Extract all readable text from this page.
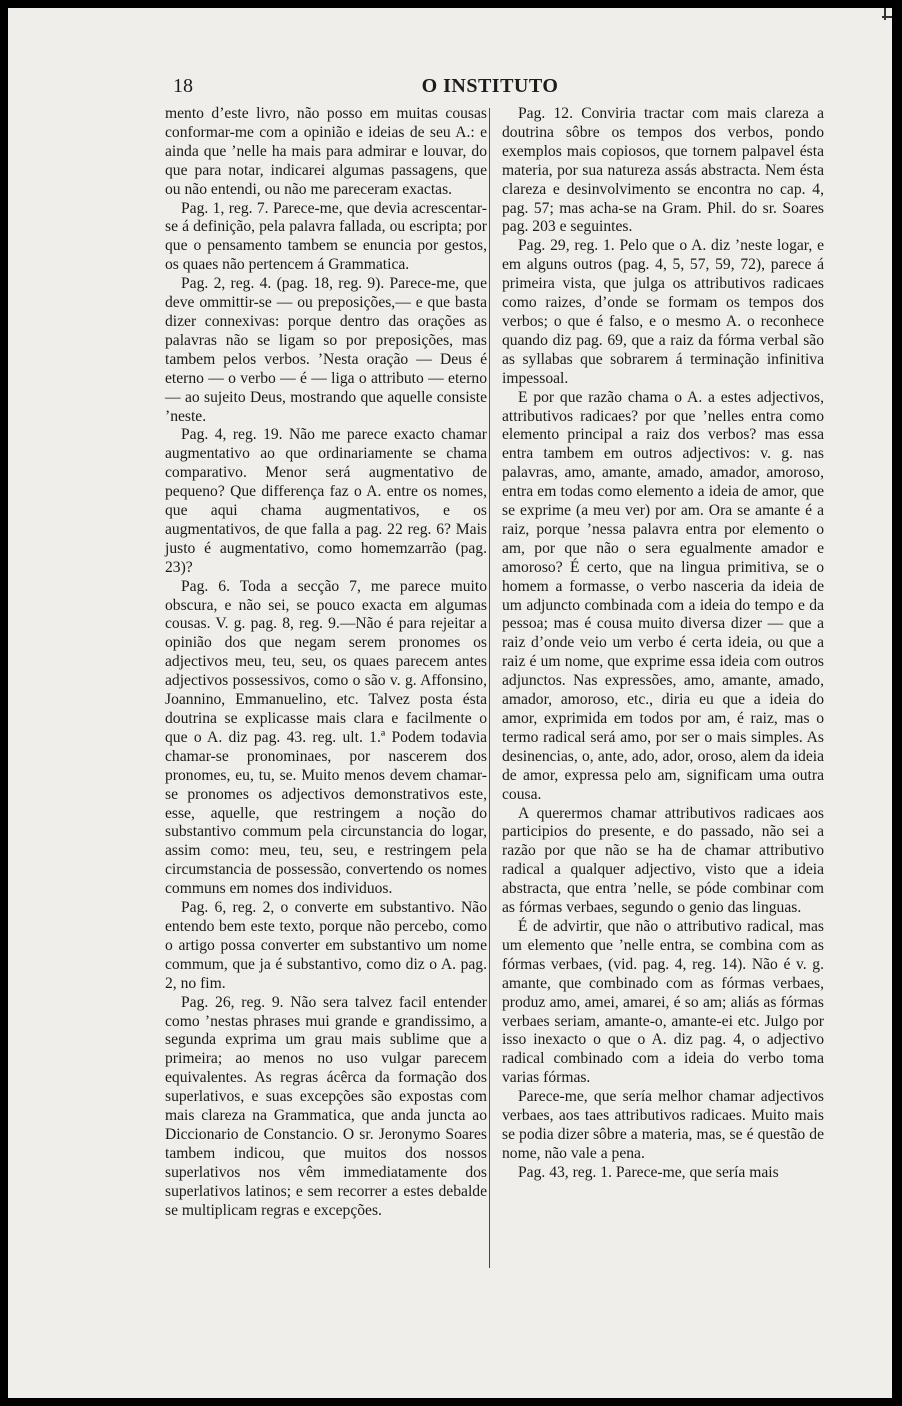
18	O INSTITUTO

mento d’este livro, não posso em muitas cousas conformar-me com a opinião e ideias de seu A.: e ainda que ’nelle ha mais para admirar e louvar, do que para notar, indicarei algumas passagens, que ou não entendi, ou não me pareceram exactas.

Pag. 1, reg. 7. Parece-me, que devia acrescentar-se á definição, pela palavra fallada, ou escripta; por que o pensamento tambem se enuncia por gestos, os quaes não pertencem á Grammatica.

Pag. 2, reg. 4. (pag. 18, reg. 9). Parece-me, que deve ommittir-se — ou preposições,— e que basta dizer connexivas: porque dentro das orações as palavras não se ligam so por preposições, mas tambem pelos verbos. ’Nesta oração — Deus é eterno — o verbo — é — liga o attributo — eterno — ao sujeito Deus, mostrando que aquelle consiste ’neste.

Pag. 4, reg. 19. Não me parece exacto chamar augmentativo ao que ordinariamente se chama comparativo. Menor será augmentativo de pequeno? Que differença faz o A. entre os nomes, que aqui chama augmentativos, e os augmentativos, de que falla a pag. 22 reg. 6? Mais justo é augmentativo, como homemzarrão (pag. 23)?

Pag. 6. Toda a secção 7, me parece muito obscura, e não sei, se pouco exacta em algumas cousas. V. g. pag. 8, reg. 9.—Não é para rejeitar a opinião dos que negam serem pronomes os adjectivos meu, teu, seu, os quaes parecem antes adjectivos possessivos, como o são v. g. Affonsino, Joannino, Emmanuelino, etc. Talvez posta ésta doutrina se explicasse mais clara e facilmente o que o A. diz pag. 43. reg. ult. 1.ª Podem todavia chamar-se pronominaes, por nascerem dos pronomes, eu, tu, se. Muito menos devem chamar-se pronomes os adjectivos demonstrativos este, esse, aquelle, que restringem a noção do substantivo commum pela circunstancia do logar, assim como: meu, teu, seu, e restringem pela circumstancia de possessão, convertendo os nomes communs em nomes dos individuos.

Pag. 6, reg. 2, o converte em substantivo. Não entendo bem este texto, porque não percebo, como o artigo possa converter em substantivo um nome commum, que ja é substantivo, como diz o A. pag. 2, no fim.

Pag. 26, reg. 9. Não sera talvez facil entender como ’nestas phrases mui grande e grandissimo, a segunda exprima um grau mais sublime que a primeira; ao menos no uso vulgar parecem equivalentes. As regras ácêrca da formação dos superlativos, e suas excepções são expostas com mais clareza na Grammatica, que anda juncta ao Diccionario de Constancio. O sr. Jeronymo Soares tambem indicou, que muitos dos nossos superlativos nos vêm immediatamente dos superlativos latinos; e sem recorrer a estes debalde se multiplicam regras e excepções.

Pag. 12. Conviria tractar com mais clareza a doutrina sôbre os tempos dos verbos, pondo exemplos mais copiosos, que tornem palpavel ésta materia, por sua natureza assás abstracta. Nem ésta clareza e desinvolvimento se encontra no cap. 4, pag. 57; mas acha-se na Gram. Phil. do sr. Soares pag. 203 e seguintes.

Pag. 29, reg. 1. Pelo que o A. diz ’neste logar, e em alguns outros (pag. 4, 5, 57, 59, 72), parece á primeira vista, que julga os attributivos radicaes como raizes, d’onde se formam os tempos dos verbos; o que é falso, e o mesmo A. o reconhece quando diz pag. 69, que a raiz da fórma verbal são as syllabas que sobrarem á terminação infinitiva impessoal.

E por que razão chama o A. a estes adjectivos, attributivos radicaes? por que ’nelles entra como elemento principal a raiz dos verbos? mas essa entra tambem em outros adjectivos: v. g. nas palavras, amo, amante, amado, amador, amoroso, entra em todas como elemento a ideia de amor, que se exprime (a meu ver) por am. Ora se amante é a raiz, porque ’nessa palavra entra por elemento o am, por que não o sera egualmente amador e amoroso? É certo, que na lingua primitiva, se o homem a formasse, o verbo nasceria da ideia de um adjuncto combinada com a ideia do tempo e da pessoa; mas é cousa muito diversa dizer — que a raiz d’onde veio um verbo é certa ideia, ou que a raiz é um nome, que exprime essa ideia com outros adjunctos. Nas expressões, amo, amante, amado, amador, amoroso, etc., diria eu que a ideia do amor, exprimida em todos por am, é raiz, mas o termo radical será amo, por ser o mais simples. As desinencias, o, ante, ado, ador, oroso, alem da ideia de amor, expressa pelo am, significam uma outra cousa.

A querermos chamar attributivos radicaes aos participios do presente, e do passado, não sei a razão por que não se ha de chamar attributivo radical a qualquer adjectivo, visto que a ideia abstracta, que entra ’nelle, se póde combinar com as fórmas verbaes, segundo o genio das linguas.

É de advirtir, que não o attributivo radical, mas um elemento que ’nelle entra, se combina com as fórmas verbaes, (vid. pag. 4, reg. 14). Não é v. g. amante, que combinado com as fórmas verbaes, produz amo, amei, amarei, é so am; aliás as fórmas verbaes seriam, amante-o, amante-ei etc. Julgo por isso inexacto o que o A. diz pag. 4, o adjectivo radical combinado com a ideia do verbo toma varias fórmas.

Parece-me, que sería melhor chamar adjectivos verbaes, aos taes attributivos radicaes. Muito mais se podia dizer sôbre a materia, mas, se é questão de nome, não vale a pena.

Pag. 43, reg. 1. Parece-me, que sería mais
